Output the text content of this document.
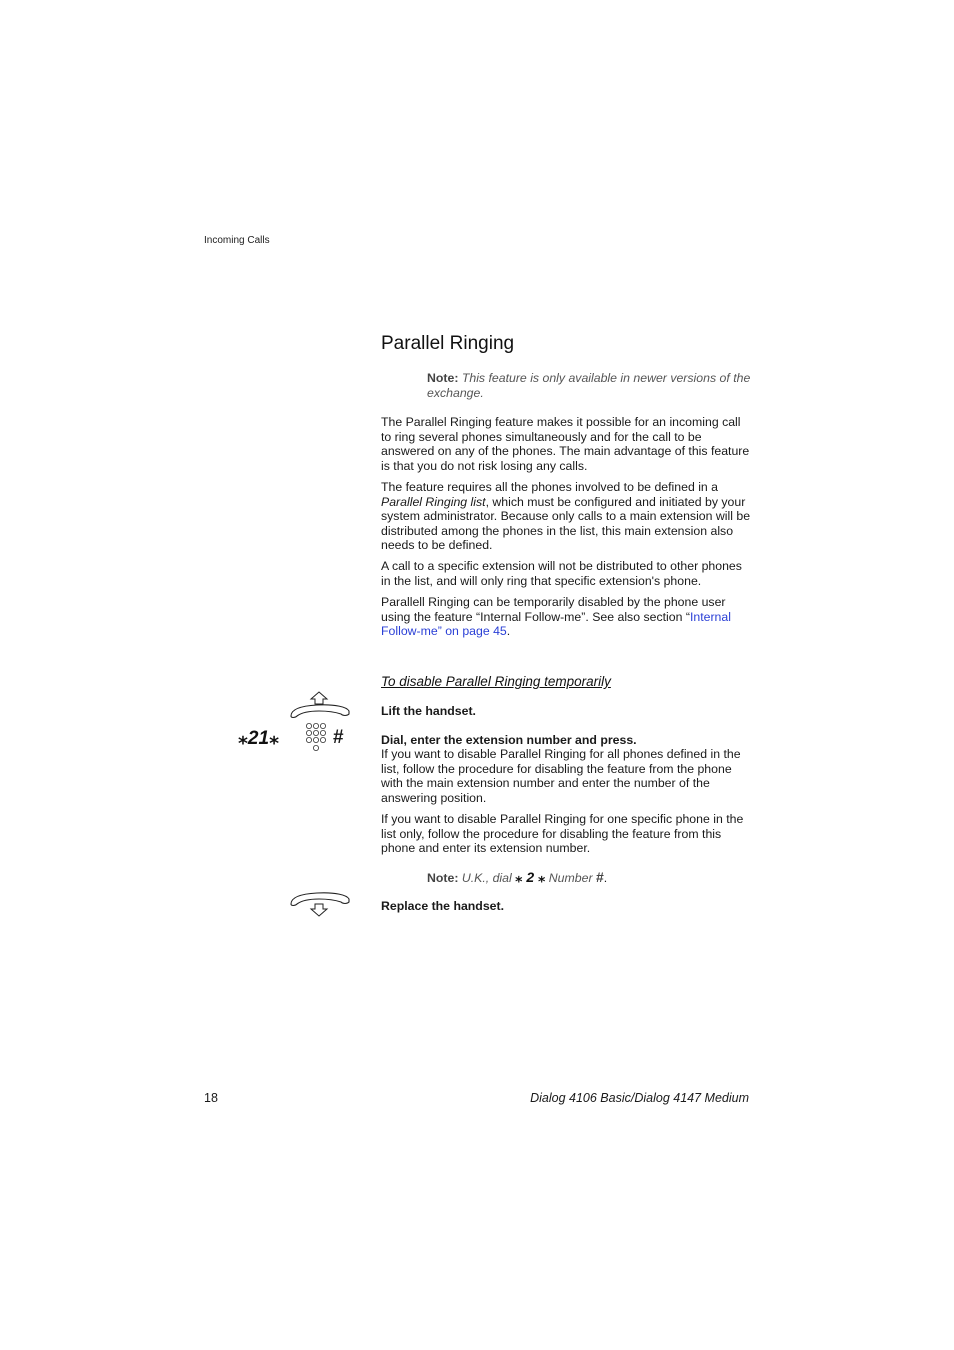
Incoming Calls
Parallel Ringing
Note: This feature is only available in newer versions of the exchange.

The Parallel Ringing feature makes it possible for an incoming call to ring several phones simultaneously and for the call to be answered on any of the phones. The main advantage of this feature is that you do not risk losing any calls.

The feature requires all the phones involved to be defined in a Parallel Ringing list, which must be configured and initiated by your system administrator. Because only calls to a main extension will be distributed among the phones in the list, this main extension also needs to be defined.

A call to a specific extension will not be distributed to other phones in the list, and will only ring that specific extension's phone.

Parallell Ringing can be temporarily disabled by the phone user using the feature “Internal Follow-me”. See also section “Internal Follow-me” on page 45.

To disable Parallel Ringing temporarily
Lift the handset.
⁎21⁎	#	Dial, enter the extension number and press.

If you want to disable Parallel Ringing for all phones defined in the list, follow the procedure for disabling the feature from the phone with the main extension number and enter the number of the answering position.

If you want to disable Parallel Ringing for one specific phone in the list only, follow the procedure for disabling the feature from this phone and enter its extension number.

Note: U.K., dial ⁎ 2 ⁎ Number #.
Replace the handset.
18	Dialog 4106 Basic/Dialog 4147 Medium
